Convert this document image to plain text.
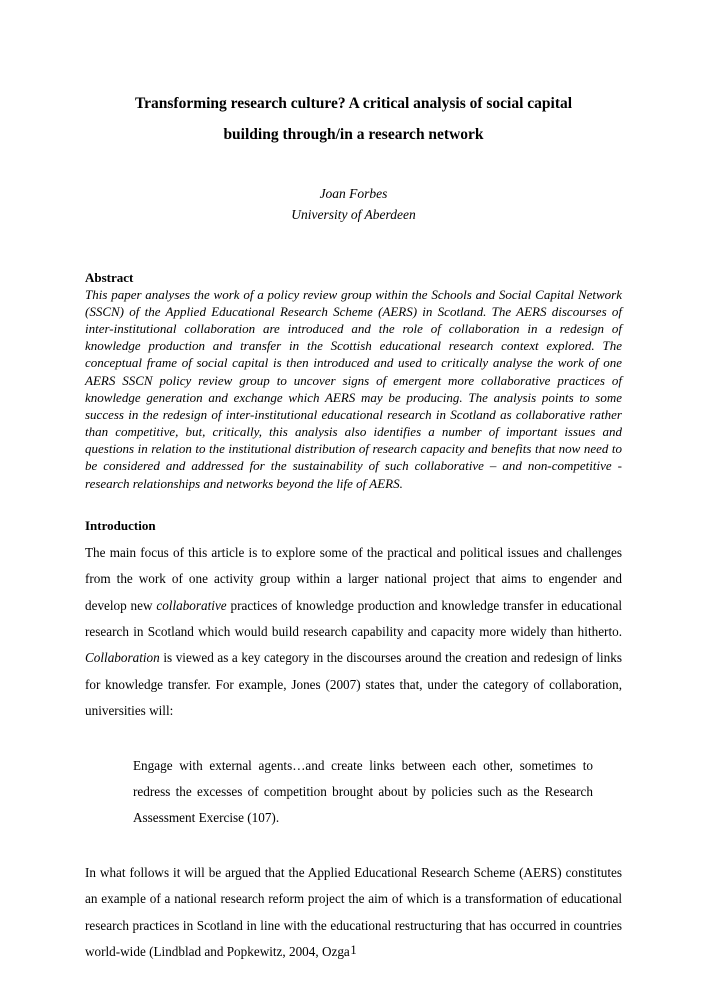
Transforming research culture? A critical analysis of social capital
building through/in a research network
Joan Forbes
University of Aberdeen
Abstract

This paper analyses the work of a policy review group within the Schools and Social Capital Network (SSCN) of the Applied Educational Research Scheme (AERS) in Scotland. The AERS discourses of inter-institutional collaboration are introduced and the role of collaboration in a redesign of knowledge production and transfer in the Scottish educational research context explored. The conceptual frame of social capital is then introduced and used to critically analyse the work of one AERS SSCN policy review group to uncover signs of emergent more collaborative practices of knowledge generation and exchange which AERS may be producing. The analysis points to some success in the redesign of inter-institutional educational research in Scotland as collaborative rather than competitive, but, critically, this analysis also identifies a number of important issues and questions in relation to the institutional distribution of research capacity and benefits that now need to be considered and addressed for the sustainability of such collaborative – and non-competitive - research relationships and networks beyond the life of AERS.

Introduction

The main focus of this article is to explore some of the practical and political issues and challenges from the work of one activity group within a larger national project that aims to engender and develop new collaborative practices of knowledge production and knowledge transfer in educational research in Scotland which would build research capability and capacity more widely than hitherto. Collaboration is viewed as a key category in the discourses around the creation and redesign of links for knowledge transfer. For example, Jones (2007) states that, under the category of collaboration, universities will:

Engage with external agents…and create links between each other, sometimes to redress the excesses of competition brought about by policies such as the Research Assessment Exercise (107).

In what follows it will be argued that the Applied Educational Research Scheme (AERS) constitutes an example of a national research reform project the aim of which is a transformation of educational research practices in Scotland in line with the educational restructuring that has occurred in countries world-wide (Lindblad and Popkewitz, 2004, Ozga 1
